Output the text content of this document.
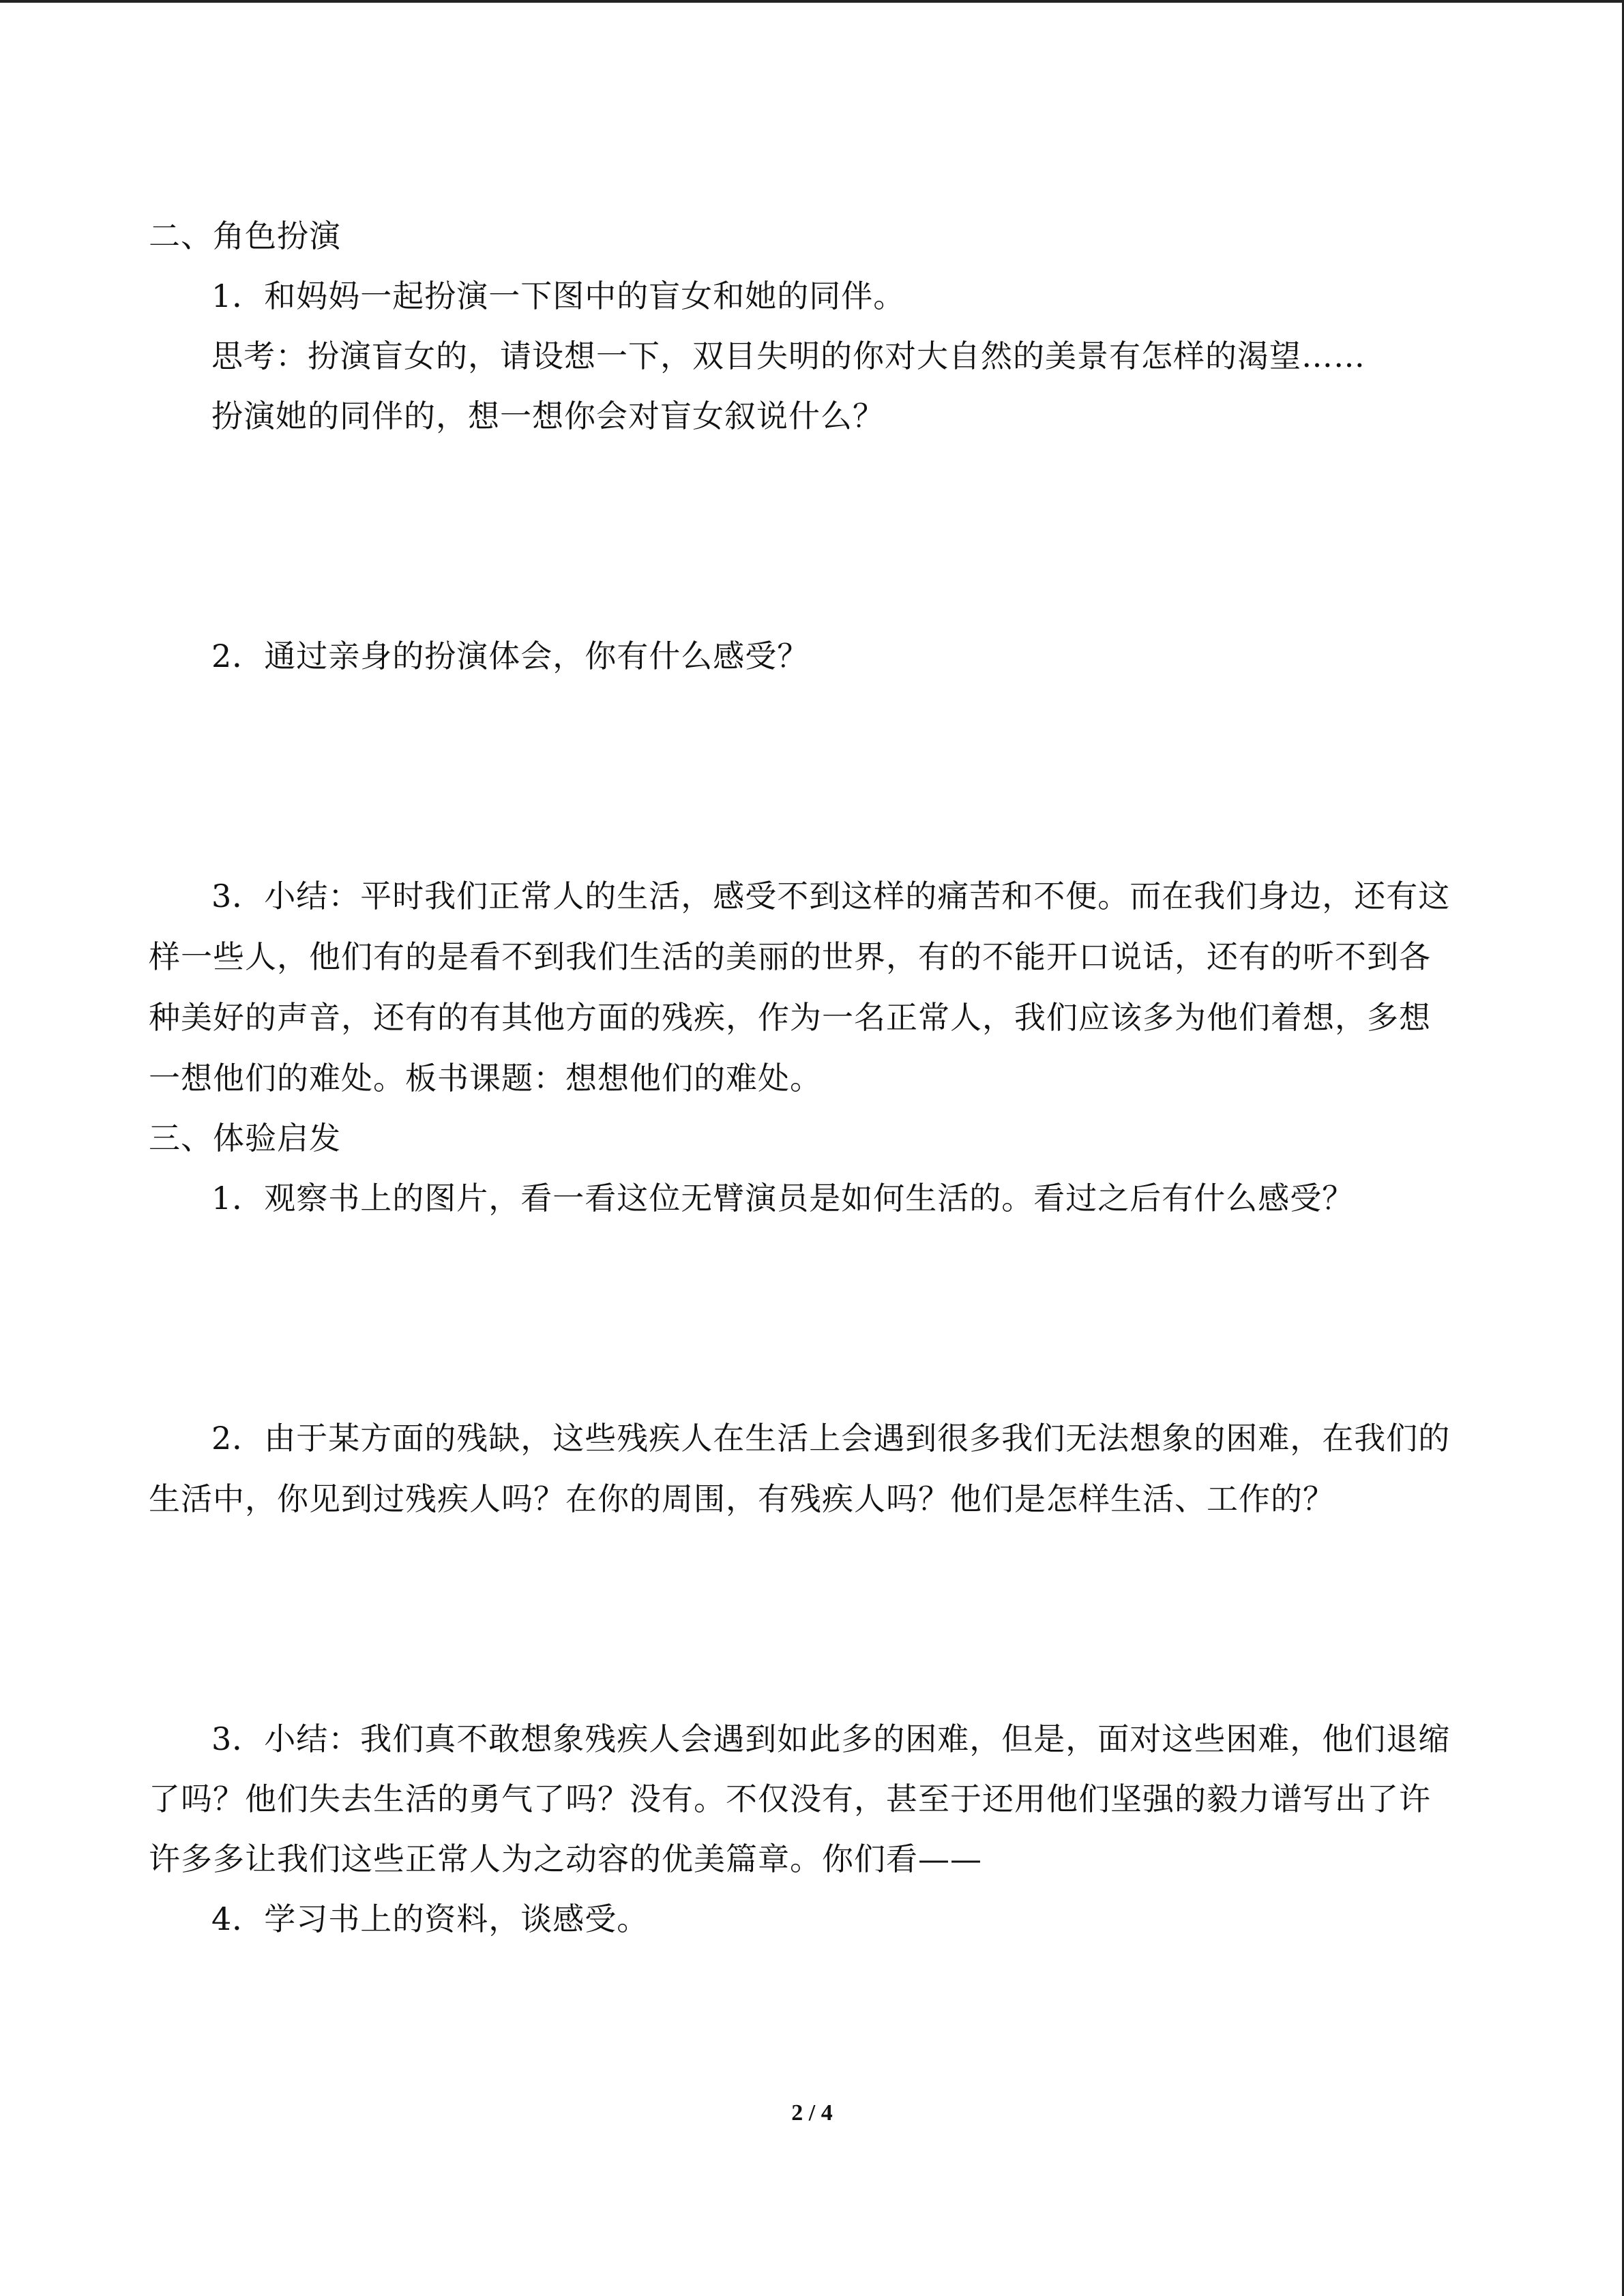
二、角色扮演
1．和妈妈一起扮演一下图中的盲女和她的同伴。
思考：扮演盲女的，请设想一下，双目失明的你对大自然的美景有怎样的渴望……
扮演她的同伴的，想一想你会对盲女叙说什么？
2．通过亲身的扮演体会，你有什么感受？
3．小结：平时我们正常人的生活，感受不到这样的痛苦和不便。而在我们身边，还有这
样一些人，他们有的是看不到我们生活的美丽的世界，有的不能开口说话，还有的听不到各
种美好的声音，还有的有其他方面的残疾，作为一名正常人，我们应该多为他们着想，多想
一想他们的难处。板书课题：想想他们的难处。
三、体验启发
1．观察书上的图片，看一看这位无臂演员是如何生活的。看过之后有什么感受？
2．由于某方面的残缺，这些残疾人在生活上会遇到很多我们无法想象的困难，在我们的
生活中，你见到过残疾人吗？在你的周围，有残疾人吗？他们是怎样生活、工作的？
3．小结：我们真不敢想象残疾人会遇到如此多的困难，但是，面对这些困难，他们退缩
了吗？他们失去生活的勇气了吗？没有。不仅没有，甚至于还用他们坚强的毅力谱写出了许
许多多让我们这些正常人为之动容的优美篇章。你们看——
4．学习书上的资料，谈感受。
2 / 4
